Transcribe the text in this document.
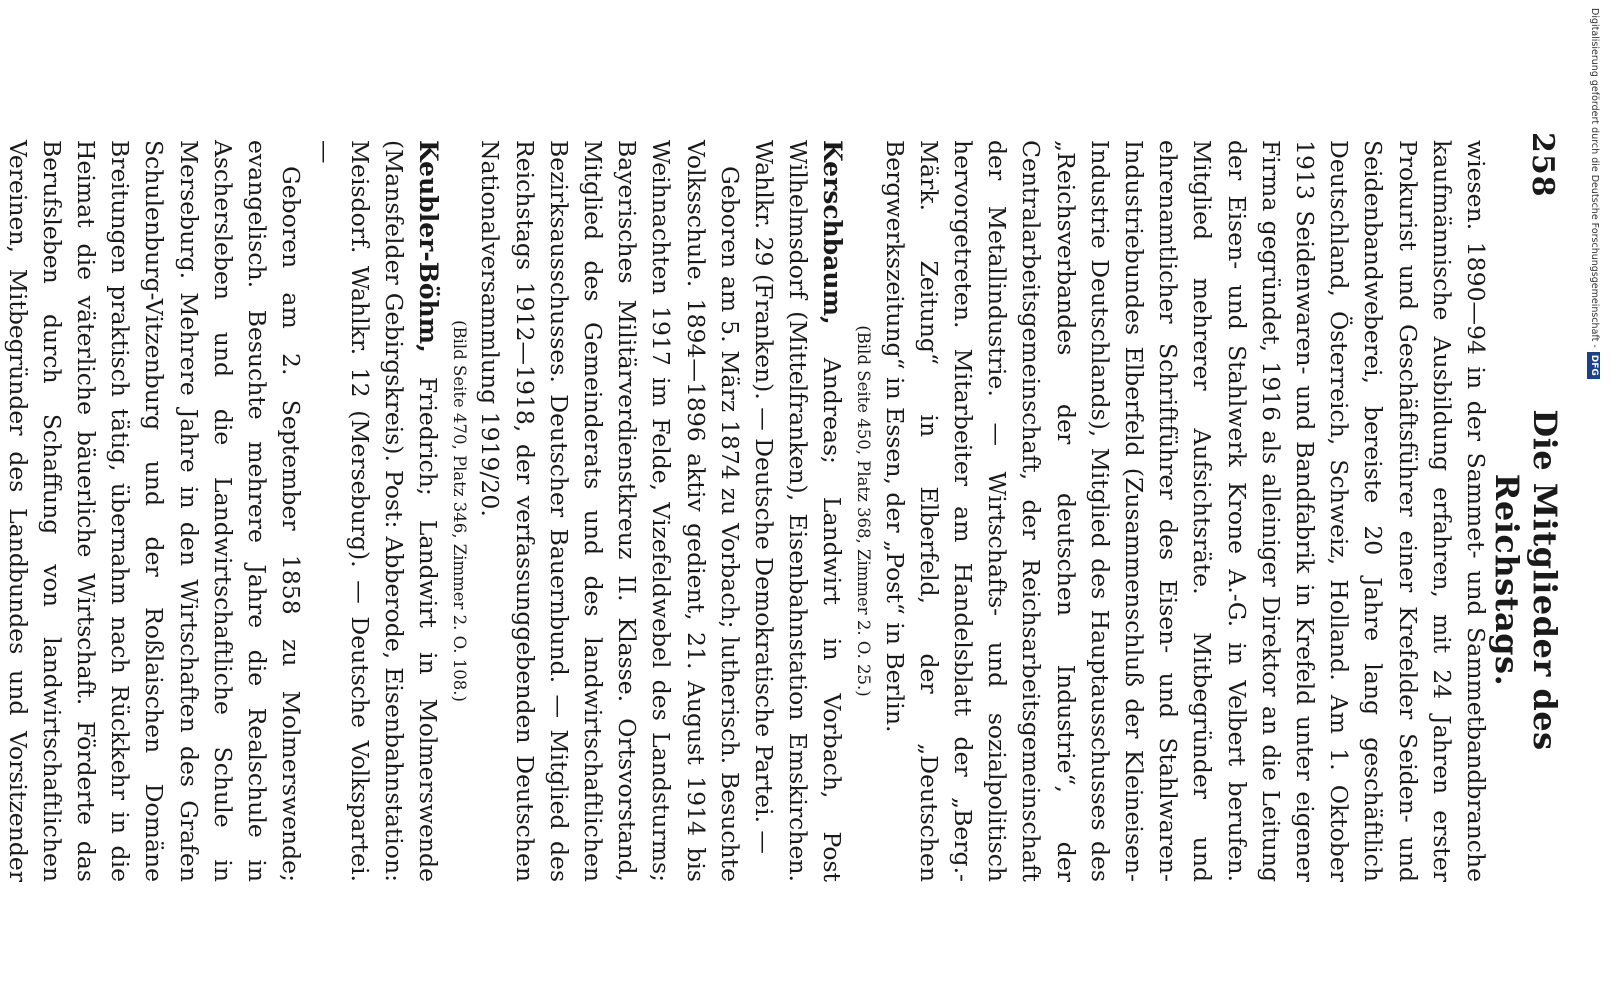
258
Die Mitglieder des Reichstags.

wiesen. 1890—94 in der Sammet- und Sammetbandbranche kaufmännische Ausbildung erfahren, mit 24 Jahren erster Prokurist und Geschäftsführer einer Krefelder Seiden- und Seidenbandweberei, bereiste 20 Jahre lang geschäftlich Deutschland, Österreich, Schweiz, Holland. Am 1. Oktober 1913 Seidenwaren- und Bandfabrik in Krefeld unter eigener Firma gegründet, 1916 als alleiniger Direktor an die Leitung der Eisen- und Stahlwerk Krone A.-G. in Velbert berufen. Mitglied mehrerer Aufsichtsräte. Mitbegründer und ehrenamtlicher Schriftführer des Eisen- und Stahlwaren-Industriebundes Elberfeld (Zusammenschluß der Kleineisen-Industrie Deutschlands), Mitglied des Hauptausschusses des „Reichsverbandes der deutschen Industrie“, der Centralarbeitsgemeinschaft, der Reichsarbeitsgemeinschaft der Metallindustrie. — Wirtschafts- und sozialpolitisch hervorgetreten. Mitarbeiter am Handelsblatt der „Berg.-Märk. Zeitung“ in Elberfeld, der „Deutschen Bergwerkszeitung“ in Essen, der „Post“ in Berlin.

(Bild Seite 450, Platz 368, Zimmer 2. O. 25.)

Kerschbaum, Andreas; Landwirt in Vorbach, Post Wilhelmsdorf (Mittelfranken), Eisenbahnstation Emskirchen. Wahlkr. 29 (Franken). — Deutsche Demokratische Partei. —

Geboren am 5. März 1874 zu Vorbach; lutherisch. Besuchte Volksschule. 1894—1896 aktiv gedient, 21. August 1914 bis Weihnachten 1917 im Felde, Vizefeldwebel des Landsturms; Bayerisches Militärverdienstkreuz II. Klasse. Ortsvorstand, Mitglied des Gemeinderats und des landwirtschaftlichen Bezirksausschusses. Deutscher Bauernbund. — Mitglied des Reichstags 1912—1918, der verfassunggebenden Deutschen Nationalversammlung 1919/20.

(Bild Seite 470, Platz 346, Zimmer 2. O. 108.)

Keubler-Böhm, Friedrich; Landwirt in Molmerswende (Mansfelder Gebirgskreis). Post: Abberode, Eisenbahnstation: Meisdorf. Wahlkr. 12 (Merseburg). — Deutsche Volkspartei. —

Geboren am 2. September 1858 zu Molmerswende; evangelisch. Besuchte mehrere Jahre die Realschule in Aschersleben und die Landwirtschaftliche Schule in Merseburg. Mehrere Jahre in den Wirtschaften des Grafen Schulenburg-Vitzenburg und der Roßlaischen Domäne Breitungen praktisch tätig, übernahm nach Rückkehr in die Heimat die väterliche bäuerliche Wirtschaft. Förderte das Berufsleben durch Schaffung von landwirtschaftlichen Vereinen, Mitbegründer des Landbundes und Vorsitzender

Digitalisierung gefördert durch die Deutsche Forschungsgemeinschaft -DFG
